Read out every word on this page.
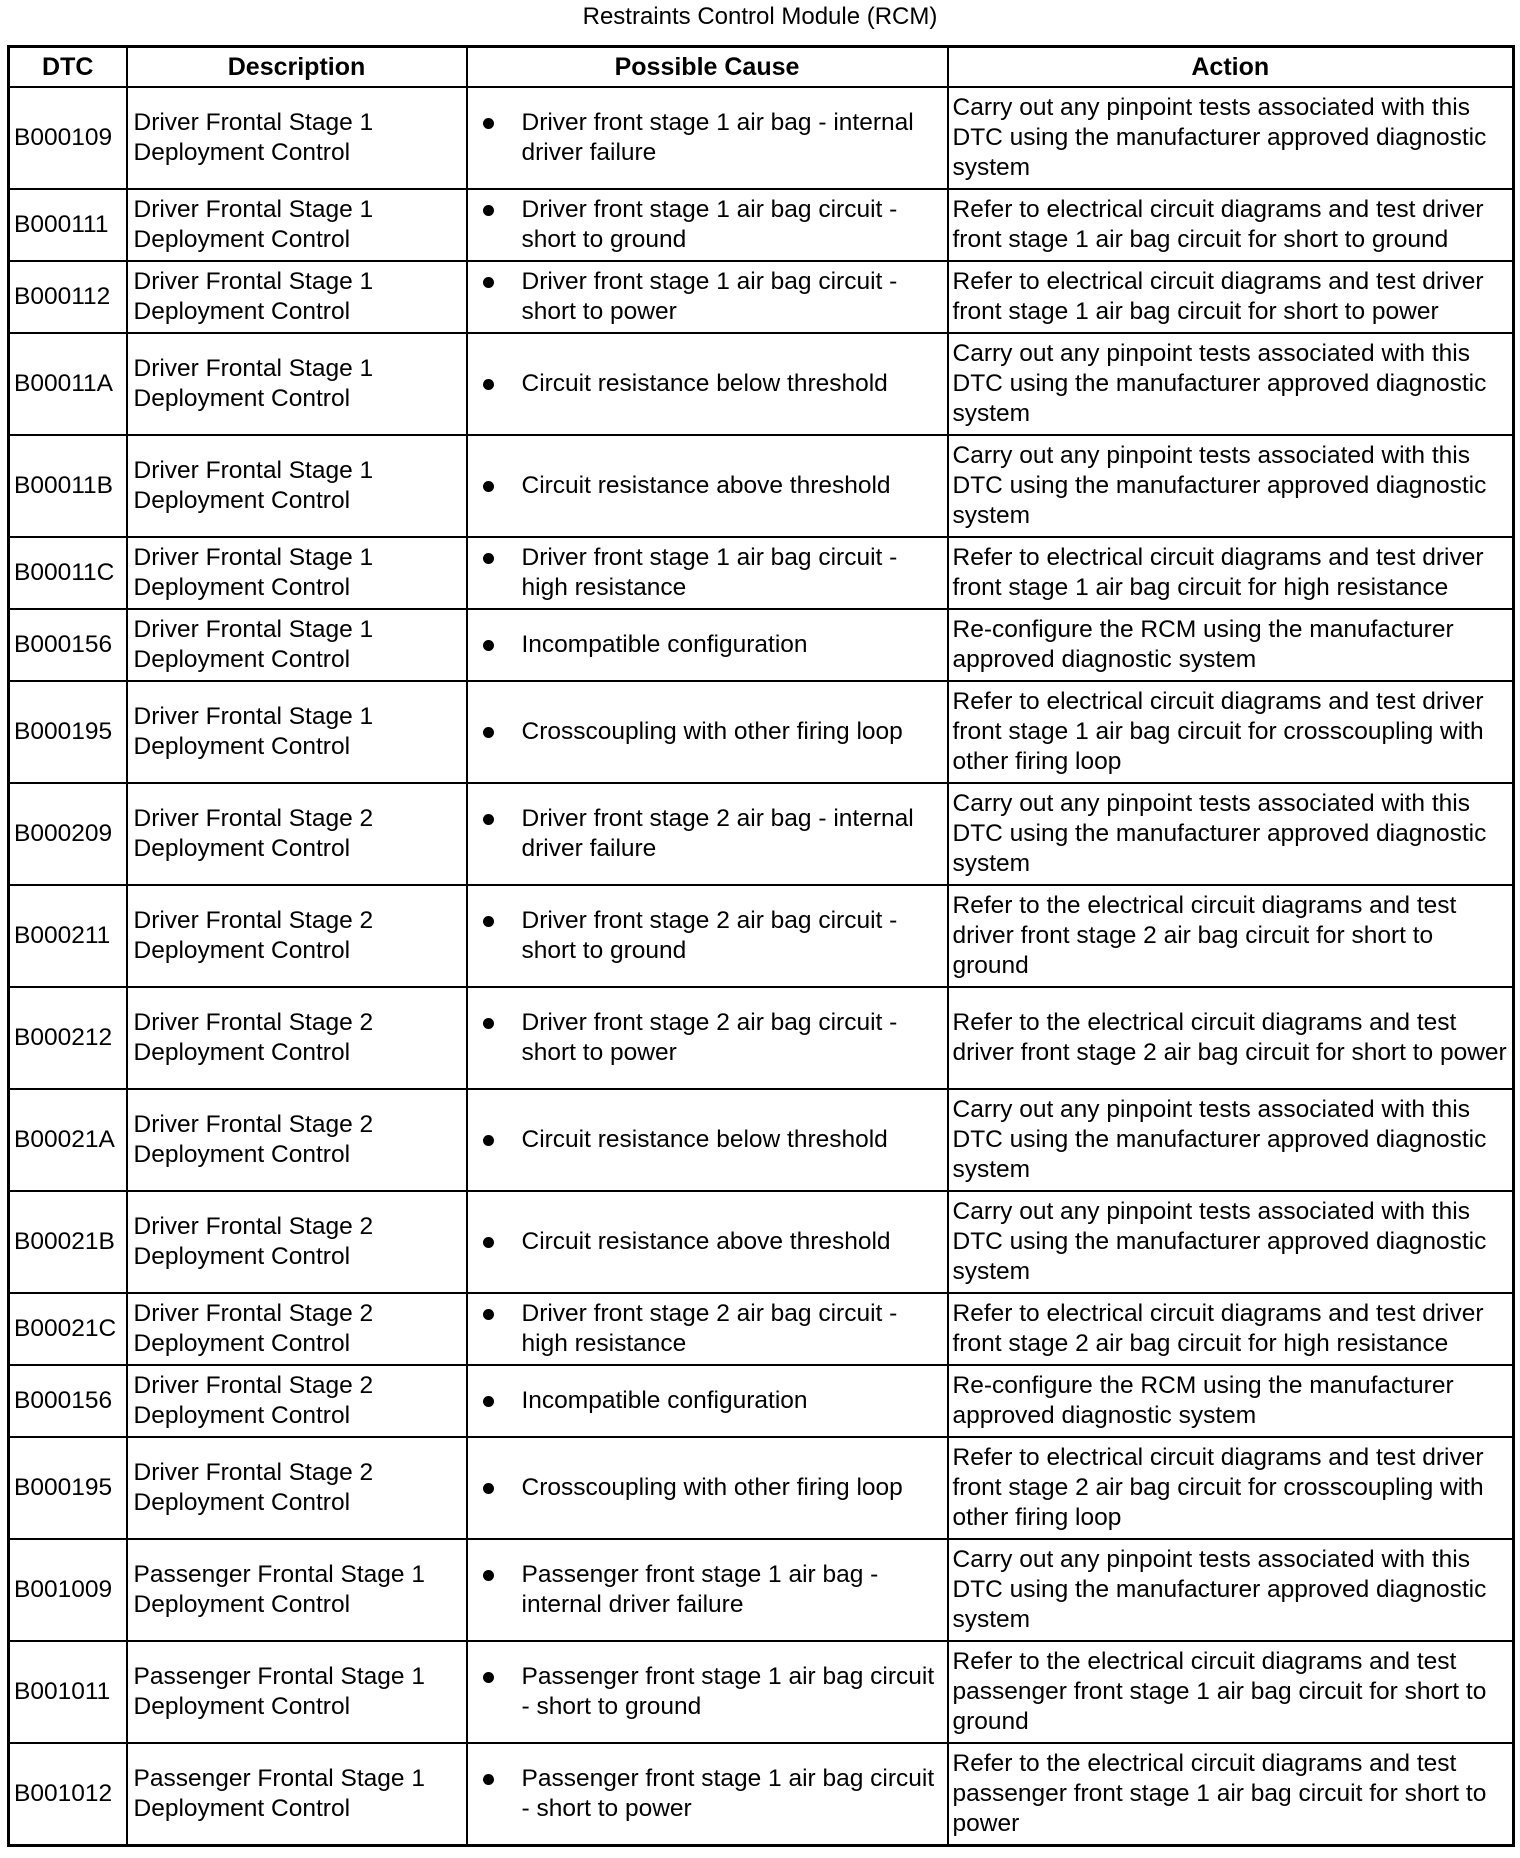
Restraints Control Module (RCM)
DTC	Description	Possible Cause	Action
B000109	Driver Frontal Stage 1 Deployment Control	Driver front stage 1 air bag - internal driver failure	Carry out any pinpoint tests associated with this DTC using the manufacturer approved diagnostic system
B000111	Driver Frontal Stage 1 Deployment Control	Driver front stage 1 air bag circuit - short to ground	Refer to electrical circuit diagrams and test driver front stage 1 air bag circuit for short to ground
B000112	Driver Frontal Stage 1 Deployment Control	Driver front stage 1 air bag circuit - short to power	Refer to electrical circuit diagrams and test driver front stage 1 air bag circuit for short to power
B00011A	Driver Frontal Stage 1 Deployment Control	Circuit resistance below threshold	Carry out any pinpoint tests associated with this DTC using the manufacturer approved diagnostic system
B00011B	Driver Frontal Stage 1 Deployment Control	Circuit resistance above threshold	Carry out any pinpoint tests associated with this DTC using the manufacturer approved diagnostic system
B00011C	Driver Frontal Stage 1 Deployment Control	Driver front stage 1 air bag circuit - high resistance	Refer to electrical circuit diagrams and test driver front stage 1 air bag circuit for high resistance
B000156	Driver Frontal Stage 1 Deployment Control	Incompatible configuration	Re-configure the RCM using the manufacturer approved diagnostic system
B000195	Driver Frontal Stage 1 Deployment Control	Crosscoupling with other firing loop	Refer to electrical circuit diagrams and test driver front stage 1 air bag circuit for crosscoupling with other firing loop
B000209	Driver Frontal Stage 2 Deployment Control	Driver front stage 2 air bag - internal driver failure	Carry out any pinpoint tests associated with this DTC using the manufacturer approved diagnostic system
B000211	Driver Frontal Stage 2 Deployment Control	Driver front stage 2 air bag circuit - short to ground	Refer to the electrical circuit diagrams and test driver front stage 2 air bag circuit for short to ground
B000212	Driver Frontal Stage 2 Deployment Control	Driver front stage 2 air bag circuit - short to power	Refer to the electrical circuit diagrams and test driver front stage 2 air bag circuit for short to power
B00021A	Driver Frontal Stage 2 Deployment Control	Circuit resistance below threshold	Carry out any pinpoint tests associated with this DTC using the manufacturer approved diagnostic system
B00021B	Driver Frontal Stage 2 Deployment Control	Circuit resistance above threshold	Carry out any pinpoint tests associated with this DTC using the manufacturer approved diagnostic system
B00021C	Driver Frontal Stage 2 Deployment Control	Driver front stage 2 air bag circuit - high resistance	Refer to electrical circuit diagrams and test driver front stage 2 air bag circuit for high resistance
B000156	Driver Frontal Stage 2 Deployment Control	Incompatible configuration	Re-configure the RCM using the manufacturer approved diagnostic system
B000195	Driver Frontal Stage 2 Deployment Control	Crosscoupling with other firing loop	Refer to electrical circuit diagrams and test driver front stage 2 air bag circuit for crosscoupling with other firing loop
B001009	Passenger Frontal Stage 1 Deployment Control	Passenger front stage 1 air bag - internal driver failure	Carry out any pinpoint tests associated with this DTC using the manufacturer approved diagnostic system
B001011	Passenger Frontal Stage 1 Deployment Control	Passenger front stage 1 air bag circuit - short to ground	Refer to the electrical circuit diagrams and test passenger front stage 1 air bag circuit for short to ground
B001012	Passenger Frontal Stage 1 Deployment Control	Passenger front stage 1 air bag circuit - short to power	Refer to the electrical circuit diagrams and test passenger front stage 1 air bag circuit for short to power
